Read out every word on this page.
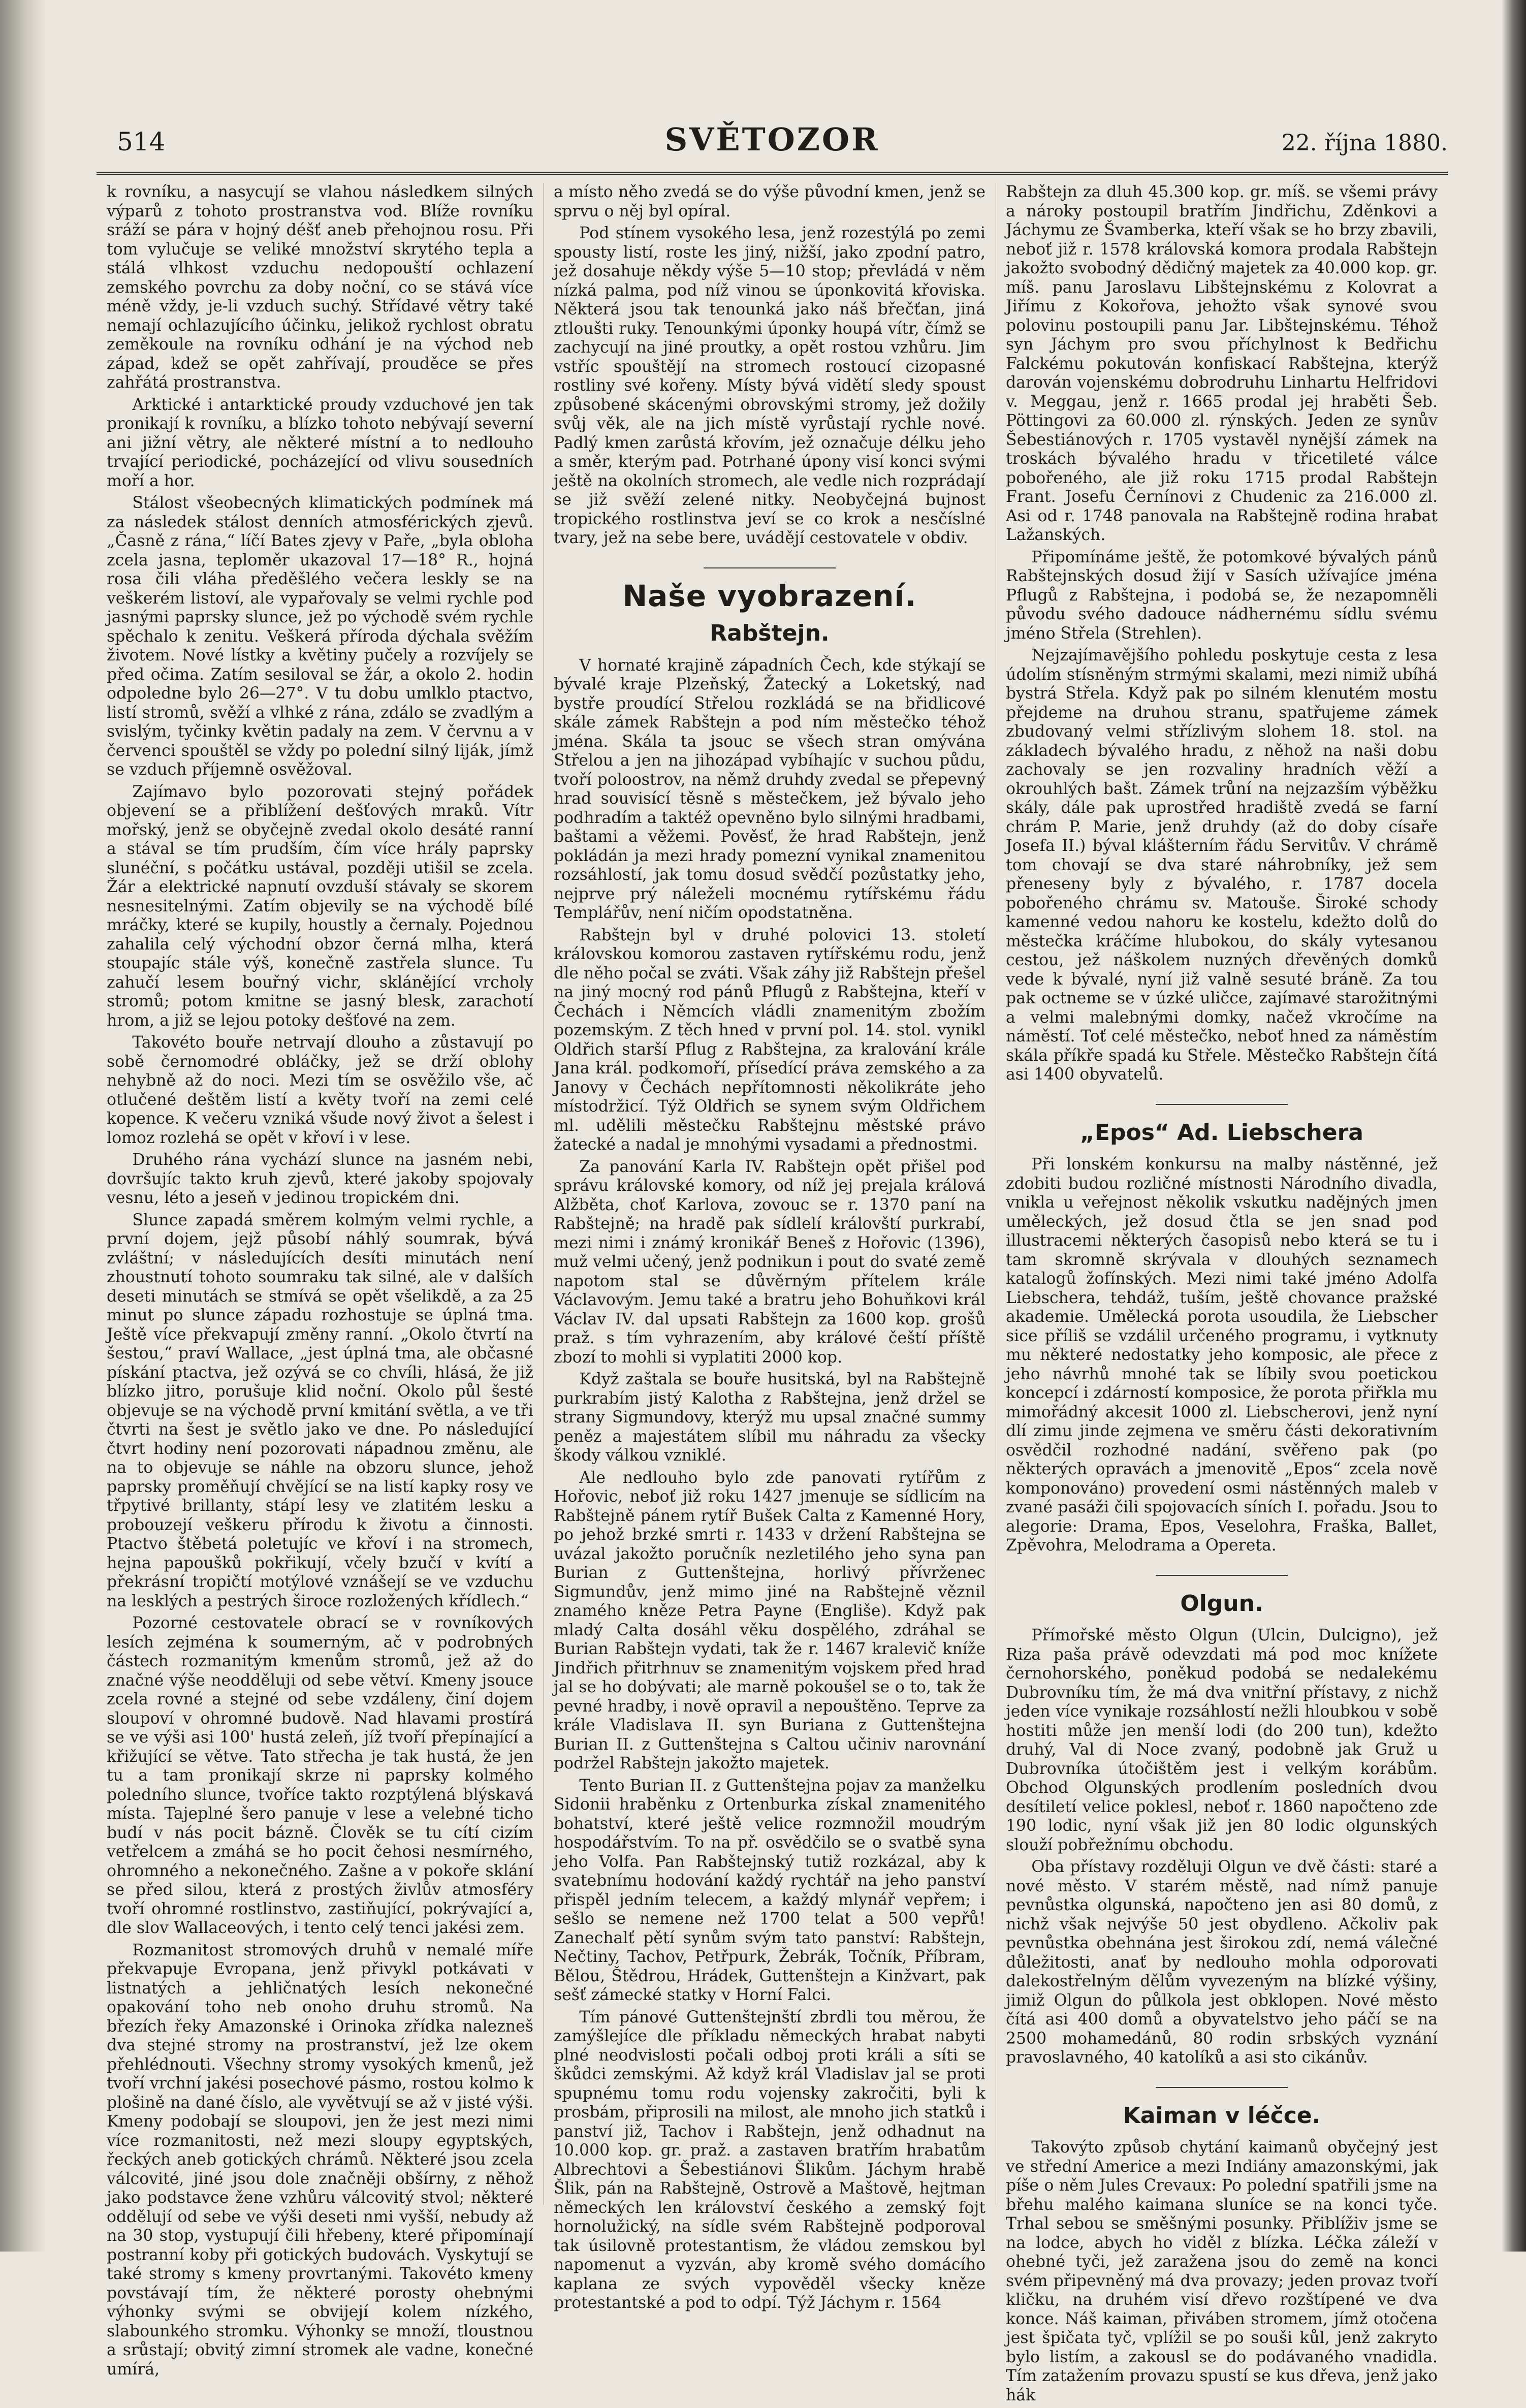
514	SVĚTOZOR	22. října 1880.

k rovníku, a nasycují se vlahou následkem silných výparů z tohoto prostranstva vod. Blíže rovníku sráží se pára v hojný déšť aneb přehojnou rosu. Při tom vylučuje se veliké množství skrytého tepla a stálá vlhkost vzduchu nedopouští ochlazení zemského povrchu za doby noční, co se stává více méně vždy, je-li vzduch suchý. Střídavé větry také nemají ochlazujícího účinku, jelikož rychlost obratu zeměkoule na rovníku odhání je na východ neb západ, kdež se opět zahřívají, prouděce se přes zahřátá prostranstva.

Arktické i antarktické proudy vzduchové jen tak pronikají k rovníku, a blízko tohoto nebývají severní ani jižní větry, ale některé místní a to nedlouho trvající periodické, pocházející od vlivu sousedních moří a hor.

Stálost všeobecných klimatických podmínek má za následek stálost denních atmosférických zjevů. „Časně z rána,“ líčí Bates zjevy v Paře, „byla obloha zcela jasna, teploměr ukazoval 17—18° R., hojná rosa čili vláha předěšlého večera leskly se na veškerém listoví, ale vypařovaly se velmi rychle pod jasnými paprsky slunce, jež po východě svém rychle spěchalo k zenitu. Veškerá příroda dýchala svěžím životem. Nové lístky a květiny pučely a rozvíjely se před očima. Zatím sesiloval se žár, a okolo 2. hodin odpoledne bylo 26—27°. V tu dobu umlklo ptactvo, listí stromů, svěží a vlhké z rána, zdálo se zvadlým a svislým, tyčinky květin padaly na zem. V červnu a v červenci spouštěl se vždy po polední silný liják, jímž se vzduch příjemně osvěžoval.

Zajímavo bylo pozorovati stejný pořádek objevení se a přiblížení dešťových mraků. Vítr mořský, jenž se obyčejně zvedal okolo desáté ranní a stával se tím prudším, čím více hrály paprsky slunéční, s počátku ustával, později utišil se zcela. Žár a elektrické napnutí ovzduší stávaly se skorem nesnesitelnými. Zatím objevily se na východě bílé mráčky, které se kupily, houstly a černaly. Pojednou zahalila celý východní obzor černá mlha, která stoupajíc stále výš, konečně zastřela slunce. Tu zahučí lesem bouřný vichr, sklánějící vrcholy stromů; potom kmitne se jasný blesk, zarachotí hrom, a již se lejou potoky dešťové na zem.

Takovéto bouře netrvají dlouho a zůstavují po sobě černomodré obláčky, jež se drží oblohy nehybně až do noci. Mezi tím se osvěžilo vše, ač otlučené deštěm listí a květy tvoří na zemi celé kopence. K večeru vzniká všude nový život a šelest i lomoz rozlehá se opět v křoví i v lese.

Druhého rána vychází slunce na jasném nebi, dovršujíc takto kruh zjevů, které jakoby spojovaly vesnu, léto a jeseň v jedinou tropickém dni.

Slunce zapadá směrem kolmým velmi rychle, a první dojem, jejž působí náhlý soumrak, bývá zvláštní; v následujících desíti minutách není zhoustnutí tohoto soumraku tak silné, ale v dalších deseti minutách se stmívá se opět všelikdě, a za 25 minut po slunce západu rozhostuje se úplná tma. Ještě více překvapují změny ranní. „Okolo čtvrtí na šestou,“ praví Wallace, „jest úplná tma, ale občasné pískání ptactva, jež ozývá se co chvíli, hlásá, že již blízko jitro, porušuje klid noční. Okolo půl šesté objevuje se na východě první kmitání světla, a ve tři čtvrti na šest je světlo jako ve dne. Po následující čtvrt hodiny není pozorovati nápadnou změnu, ale na to objevuje se náhle na obzoru slunce, jehož paprsky proměňují chvějící se na listí kapky rosy ve třpytivé brillanty, stápí lesy ve zlatitém lesku a probouzejí veškeru přírodu k životu a činnosti. Ptactvo štěbetá poletujíc ve křoví i na stromech, hejna papoušků pokřikují, včely bzučí v kvítí a překrásní tropičtí motýlové vznášejí se ve vzduchu na lesklých a pestrých široce rozložených křídlech.“

Pozorné cestovatele obrací se v rovníkových lesích zejména k soumerným, ač v podrobných částech rozmanitým kmenům stromů, jež až do značné výše neodděluji od sebe větví. Kmeny jsouce zcela rovné a stejné od sebe vzdáleny, činí dojem sloupoví v ohromné budově. Nad hlavami prostírá se ve výši asi 100' hustá zeleň, jíž tvoří přepínající a křižující se větve. Tato střecha je tak hustá, že jen tu a tam pronikají skrze ni paprsky kolmého poledního slunce, tvoříce takto rozptýlená blýskavá místa. Tajeplné šero panuje v lese a velebné ticho budí v nás pocit bázně. Člověk se tu cítí cizím vetřelcem a zmáhá se ho pocit čehosi nesmírného, ohromného a nekonečného. Zašne a v pokoře sklání se před silou, která z prostých živlův atmosféry tvoří ohromné rostlinstvo, zastiňující, pokrývající a, dle slov Wallaceových, i tento celý tenci jakési zem.

Rozmanitost stromových druhů v nemalé míře překvapuje Evropana, jenž přivykl potkávati v listnatých a jehličnatých lesích nekonečné opakování toho neb onoho druhu stromů. Na březích řeky Amazonské i Orinoka zřídka nalezneš dva stejné stromy na prostranství, jež lze okem přehlédnouti. Všechny stromy vysokých kmenů, jež tvoří vrchní jakési posechové pásmo, rostou kolmo k plošině na dané číslo, ale vyvětvují se až v jisté výši. Kmeny podobají se sloupovi, jen že jest mezi nimi více rozmanitosti, než mezi sloupy egyptských, řeckých aneb gotických chrámů. Některé jsou zcela válcovité, jiné jsou dole značněji obšírny, z něhož jako podstavce žene vzhůru válcovitý stvol; některé oddělují od sebe ve výši deseti nmi vyšší, nebudy až na 30 stop, vystupují čili hřebeny, které připomínají postranní koby při gotických budovách. Vyskytují se také stromy s kmeny provrtanými. Takovéto kmeny povstávají tím, že některé porosty ohebnými výhonky svými se obvijejí kolem nízkého, slabounkého stromku. Výhonky se množí, tloustnou a srůstají; obvitý zimní stromek ale vadne, konečné umírá,

a místo něho zvedá se do výše původní kmen, jenž se sprvu o něj byl opíral.

Pod stínem vysokého lesa, jenž rozestýlá po zemi spousty listí, roste les jiný, nižší, jako zpodní patro, jež dosahuje někdy výše 5—10 stop; převládá v něm nízká palma, pod níž vinou se úponkovitá křoviska. Některá jsou tak tenounká jako náš břečťan, jiná ztloušti ruky. Tenounkými úponky houpá vítr, čímž se zachycují na jiné proutky, a opět rostou vzhůru. Jim vstříc spouštějí na stromech rostoucí cizopasné rostliny své kořeny. Místy bývá vidětí sledy spoust způsobené skácenými obrovskými stromy, jež dožily svůj věk, ale na jich místě vyrůstají rychle nové. Padlý kmen zarůstá křovím, jež označuje délku jeho a směr, kterým pad. Potrhané úpony visí konci svými ještě na okolních stromech, ale vedle nich rozprádají se již svěží zelené nitky. Neobyčejná bujnost tropického rostlinstva jeví se co krok a nesčíslné tvary, jež na sebe bere, uvádějí cestovatele v obdiv.

Naše vyobrazení.
Rabštejn.

V hornaté krajině západních Čech, kde stýkají se bývalé kraje Plzeňský, Žatecký a Loketský, nad bystře proudící Střelou rozkládá se na břidlicové skále zámek Rabštejn a pod ním městečko téhož jména. Skála ta jsouc se všech stran omývána Střelou a jen na jihozápad vybíhajíc v suchou půdu, tvoří poloostrov, na němž druhdy zvedal se přepevný hrad souvisící těsně s městečkem, jež bývalo jeho podhradím a taktéž opevněno bylo silnými hradbami, baštami a věžemi. Pověsť, že hrad Rabštejn, jenž pokládán ja mezi hrady pomezní vynikal znamenitou rozsáhlostí, jak tomu dosud svědčí pozůstatky jeho, nejprve prý náleželi mocnému rytířskému řádu Templářův, není ničím opodstatněna.

Rabštejn byl v druhé polovici 13. století královskou komorou zastaven rytířskému rodu, jenž dle něho počal se zváti. Však záhy již Rabštejn přešel na jiný mocný rod pánů Pflugů z Rabštejna, kteří v Čechách i Němcích vládli znamenitým zbožím pozemským. Z těch hned v první pol. 14. stol. vynikl Oldřich starší Pflug z Rabštejna, za kralování krále Jana král. podkomoří, přísedící práva zemského a za Janovy v Čechách nepřítomnosti několikráte jeho místodržicí. Týž Oldřich se synem svým Oldřichem ml. udělili městečku Rabštejnu městské právo žatecké a nadal je mnohými vysadami a přednostmi.

Za panování Karla IV. Rabštejn opět přišel pod správu královské komory, od níž jej prejala králová Alžběta, choť Karlova, zovouc se r. 1370 paní na Rabštejně; na hradě pak sídlelí královští purkrabí, mezi nimi i známý kronikář Beneš z Hořovic (1396), muž velmi učený, jenž podnikun i pout do svaté země napotom stal se důvěrným přítelem krále Václavovým. Jemu také a bratru jeho Bohuňkovi král Václav IV. dal upsati Rabštejn za 1600 kop. grošů praž. s tím vyhrazením, aby králové čeští příště zbozí to mohli si vyplatiti 2000 kop.

Když zaštala se bouře husitská, byl na Rabštejně purkrabím jistý Kalotha z Rabštejna, jenž držel se strany Sigmundovy, kterýž mu upsal značné summy peněz a majestátem slíbil mu náhradu za všecky škody válkou vzniklé.

Ale nedlouho bylo zde panovati rytířům z Hořovic, neboť již roku 1427 jmenuje se sídlicím na Rabštejně pánem rytíř Bušek Calta z Kamenné Hory, po jehož brzké smrti r. 1433 v držení Rabštejna se uvázal jakožto poručník nezletilého jeho syna pan Burian z Guttenštejna, horlivý přívrženec Sigmundův, jenž mimo jiné na Rabštejně věznil znamého kněze Petra Payne (Engliše). Když pak mladý Calta dosáhl věku dospělého, zdráhal se Burian Rabštejn vydati, tak že r. 1467 kralevič kníže Jindřich přitrhnuv se znamenitým vojskem před hrad jal se ho dobývati; ale marně pokoušel se o to, tak že pevné hradby, i nově opravil a nepouštěno. Teprve za krále Vladislava II. syn Buriana z Guttenštejna Burian II. z Guttenštejna s Caltou učiniv narovnání podržel Rabštejn jakožto majetek.

Tento Burian II. z Guttenštejna pojav za manželku Sidonii hraběnku z Ortenburka získal znamenitého bohatství, které ještě velice rozmnožil moudrým hospodářstvím. To na př. osvědčilo se o svatbě syna jeho Volfa. Pan Rabštejnský tutiž rozkázal, aby k svatebnímu hodování každý rychtář na jeho panství přispěl jedním telecem, a každý mlynář vepřem; i sešlo se nemene než 1700 telat a 500 vepřů! Zanechalť pětí synům svým tato panství: Rabštejn, Nečtiny, Tachov, Petřpurk, Žebrák, Točník, Příbram, Bělou, Štědrou, Hrádek, Guttenštejn a Kinžvart, pak sešť zámecké statky v Horní Falci.

Tím pánové Guttenštejnští zbrdli tou měrou, že zamýšlejíce dle příkladu německých hrabat nabyti plné neodvislosti počali odboj proti králi a síti se škůdci zemskými. Až když král Vladislav jal se proti spupnému tomu rodu vojensky zakročiti, byli k prosbám, připrosili na milost, ale mnoho jich statků i panství již, Tachov i Rabštejn, jenž odhadnut na 10.000 kop. gr. praž. a zastaven bratřím hrabatům Albrechtovi a Šebestiánovi Šlikům. Jáchym hrabě Šlik, pán na Rabštejně, Ostrově a Maštově, hejtman německých len království českého a zemský fojt hornolužický, na sídle svém Rabštejně podporoval tak úsilovně protestantism, že vládou zemskou byl napomenut a vyzván, aby kromě svého domácího kaplana ze svých vypověděl všecky kněze protestantské a pod to odpí. Týž Jáchym r. 1564

Rabštejn za dluh 45.300 kop. gr. míš. se všemi právy a nároky postoupil bratřím Jindřichu, Zděnkovi a Jáchymu ze Švamberka, kteří však se ho brzy zbavili, neboť již r. 1578 královská komora prodala Rabštejn jakožto svobodný dědičný majetek za 40.000 kop. gr. míš. panu Jaroslavu Libštejnskému z Kolovrat a Jiřímu z Kokořova, jehožto však synové svou polovinu postoupili panu Jar. Libštejnskému. Téhož syn Jáchym pro svou příchylnost k Bedřichu Falckému pokutován konfiskací Rabštejna, kterýž darován vojenskému dobrodruhu Linhartu Helfridovi v. Meggau, jenž r. 1665 prodal jej hraběti Šeb. Pöttingovi za 60.000 zl. rýnských. Jeden ze synův Šebestiánových r. 1705 vystavěl nynější zámek na troskách bývalého hradu v třicetileté válce pobořeného, ale již roku 1715 prodal Rabštejn Frant. Josefu Černínovi z Chudenic za 216.000 zl. Asi od r. 1748 panovala na Rabštejně rodina hrabat Lažanských.

Připomínáme ještě, že potomkové bývalých pánů Rabštejnských dosud žijí v Sasích užívajíce jména Pflugů z Rabštejna, i podobá se, že nezapomněli původu svého dadouce nádhernému sídlu svému jméno Střela (Strehlen).

Nejzajímavějšího pohledu poskytuje cesta z lesa údolím stísněným strmými skalami, mezi nimiž ubíhá bystrá Střela. Když pak po silném klenutém mostu přejdeme na druhou stranu, spatřujeme zámek zbudovaný velmi střízlivým slohem 18. stol. na základech bývalého hradu, z něhož na naši dobu zachovaly se jen rozvaliny hradních věží a okrouhlých bašt. Zámek trůní na nejzazším výběžku skály, dále pak uprostřed hradiště zvedá se farní chrám P. Marie, jenž druhdy (až do doby císaře Josefa II.) býval klášterním řádu Servitův. V chrámě tom chovají se dva staré náhrobníky, jež sem přeneseny byly z bývalého, r. 1787 docela pobořeného chrámu sv. Matouše. Široké schody kamenné vedou nahoru ke kostelu, kdežto dolů do městečka kráčíme hlubokou, do skály vytesanou cestou, jež náškolem nuzných dřevěných domků vede k bývalé, nyní již valně sesuté bráně. Za tou pak octneme se v úzké uličce, zajímavé starožitnými a velmi malebnými domky, načež vkročíme na náměstí. Toť celé městečko, neboť hned za náměstím skála příkře spadá ku Střele. Městečko Rabštejn čítá asi 1400 obyvatelů.

„Epos“ Ad. Liebschera

Při lonském konkursu na malby nástěnné, jež zdobiti budou rozličné místnosti Národního divadla, vnikla u veřejnost několik vskutku nadějných jmen uměleckých, jež dosud čtla se jen snad pod illustracemi některých časopisů nebo která se tu i tam skromně skrývala v dlouhých seznamech katalogů žofínských. Mezi nimi také jméno Adolfa Liebschera, tehdáž, tuším, ještě chovance pražské akademie. Umělecká porota usoudila, že Liebscher sice příliš se vzdálil určeného programu, i vytknuty mu některé nedostatky jeho komposic, ale přece z jeho návrhů mnohé tak se líbily svou poetickou koncepcí i zdárností komposice, že porota přiřkla mu mimořádný akcesit 1000 zl. Liebscherovi, jenž nyní dlí zimu jinde zejmena ve směru části dekorativním osvědčil rozhodné nadání, svěřeno pak (po některých opravách a jmenovitě „Epos“ zcela nově komponováno) provedení osmi nástěnných maleb v zvané pasáži čili spojovacích síních I. pořadu. Jsou to alegorie: Drama, Epos, Veselohra, Fraška, Ballet, Zpěvohra, Melodrama a Opereta.

Olgun.

Přímořské město Olgun (Ulcin, Dulcigno), jež Riza paša právě odevzdati má pod moc knížete černohorského, poněkud podobá se nedalekému Dubrovníku tím, že má dva vnitřní přístavy, z nichž jeden více vynikaje rozsáhlostí nežli hloubkou v sobě hostiti může jen menší lodi (do 200 tun), kdežto druhý, Val di Noce zvaný, podobně jak Gruž u Dubrovníka útočištěm jest i velkým korábům. Obchod Olgunských prodlením posledních dvou desítiletí velice poklesl, neboť r. 1860 napočteno zde 190 lodic, nyní však již jen 80 lodic olgunských slouží pobřežnímu obchodu.

Oba přístavy rozděluji Olgun ve dvě části: staré a nové město. V starém městě, nad nímž panuje pevnůstka olgunská, napočteno jen asi 80 domů, z nichž však nejvýše 50 jest obydleno. Ačkoliv pak pevnůstka obehnána jest širokou zdí, nemá válečné důležitosti, anať by nedlouho mohla odporovati dalekostřelným dělům vyvezeným na blízké výšiny, jimiž Olgun do půlkola jest obklopen. Nové město čítá asi 400 domů a obyvatelstvo jeho páčí se na 2500 mohamedánů, 80 rodin srbských vyznání pravoslavného, 40 katolíků a asi sto cikánův.

Kaiman v léčce.

Takovýto způsob chytání kaimanů obyčejný jest ve střední Americe a mezi Indiány amazonskými, jak píše o něm Jules Crevaux: Po polední spatřili jsme na břehu malého kaimana sluníce se na konci tyče. Trhal sebou se směšnými posunky. Přiblíživ jsme se na lodce, abych ho viděl z blízka. Léčka záleží v ohebné tyči, jež zaražena jsou do země na konci svém připevněný má dva provazy; jeden provaz tvoří kličku, na druhém visí dřevo rozštípené ve dva konce. Náš kaiman, přiváben stromem, jímž otočena jest špičata tyč, vplížil se po souši kůl, jenž zakryto bylo listím, a zakousl se do podávaného vnadidla. Tím zatažením provazu spustí se kus dřeva, jenž jako hák
